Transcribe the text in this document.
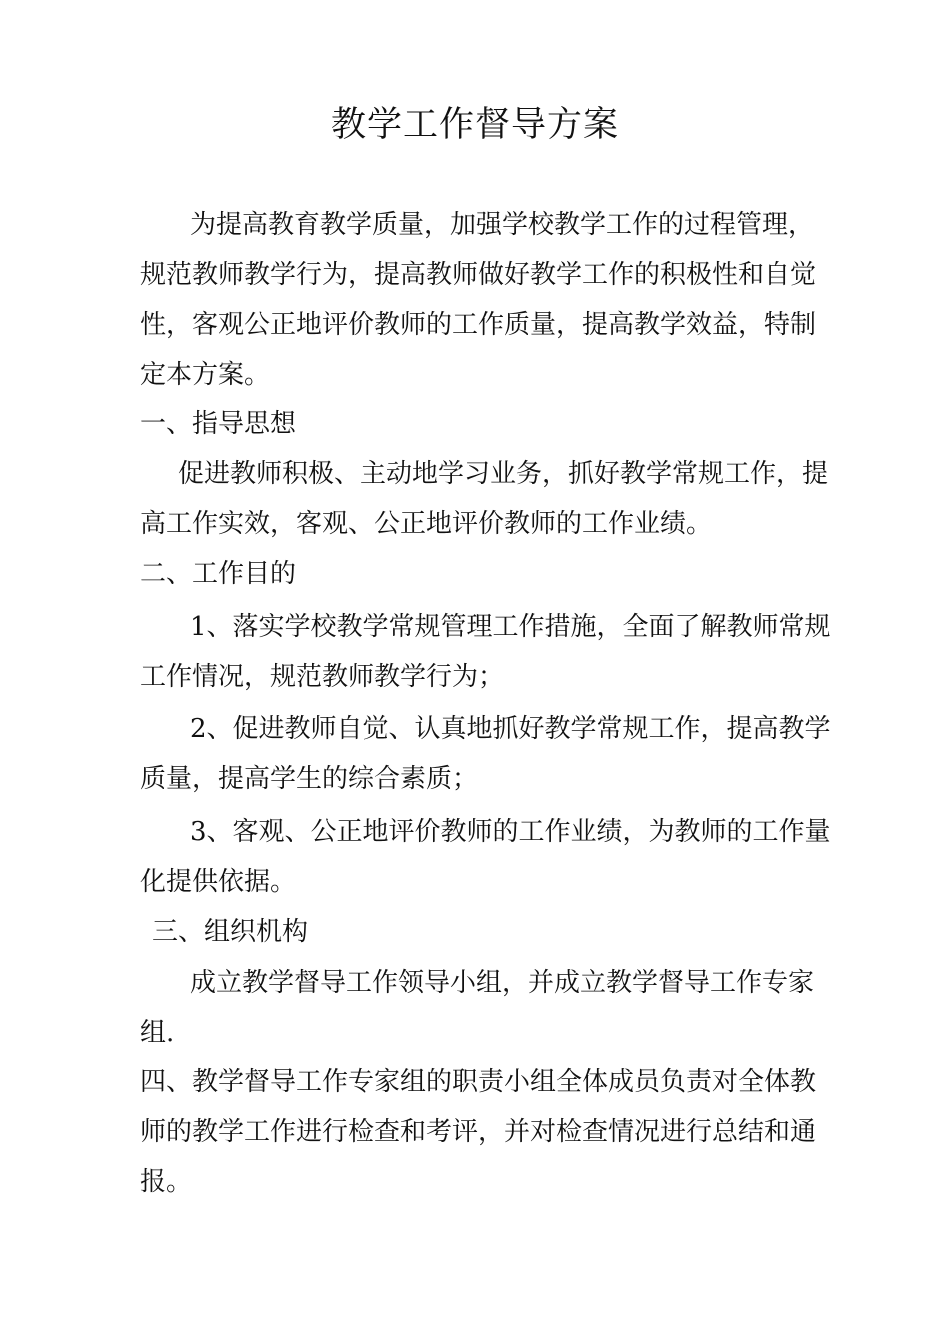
教学工作督导方案
为提高教育教学质量，加强学校教学工作的过程管理，
规范教师教学行为，提高教师做好教学工作的积极性和自觉
性，客观公正地评价教师的工作质量，提高教学效益，特制
定本方案。
一、指导思想
促进教师积极、主动地学习业务，抓好教学常规工作，提
高工作实效，客观、公正地评价教师的工作业绩。
二、工作目的
1、落实学校教学常规管理工作措施，全面了解教师常规
工作情况，规范教师教学行为；
2、促进教师自觉、认真地抓好教学常规工作，提高教学
质量，提高学生的综合素质；
3、客观、公正地评价教师的工作业绩，为教师的工作量
化提供依据。
三、组织机构
成立教学督导工作领导小组，并成立教学督导工作专家
组.
四、教学督导工作专家组的职责小组全体成员负责对全体教
师的教学工作进行检查和考评，并对检查情况进行总结和通
报。
